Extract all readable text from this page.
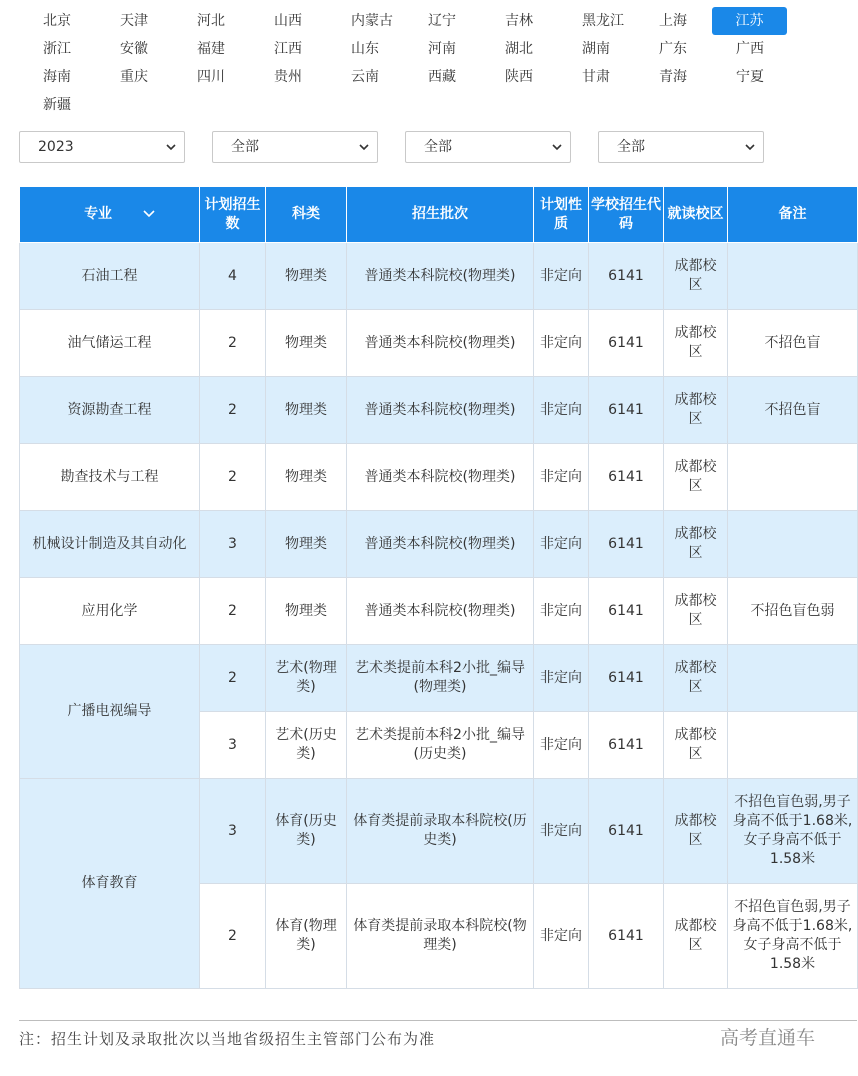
北京	天津	河北	山西	内蒙古	辽宁	吉林	黑龙江	上海	江苏
浙江	安徽	福建	江西	山东	河南	湖北	湖南	广东	广西
海南	重庆	四川	贵州	云南	西藏	陕西	甘肃	青海	宁夏
新疆
2023	全部	全部	全部
专业	计划招生数	科类	招生批次	计划性质	学校招生代码	就读校区	备注
石油工程	4	物理类	普通类本科院校(物理类)	非定向	6141	成都校区	
油气储运工程	2	物理类	普通类本科院校(物理类)	非定向	6141	成都校区	不招色盲
资源勘查工程	2	物理类	普通类本科院校(物理类)	非定向	6141	成都校区	不招色盲
勘查技术与工程	2	物理类	普通类本科院校(物理类)	非定向	6141	成都校区	
机械设计制造及其自动化	3	物理类	普通类本科院校(物理类)	非定向	6141	成都校区	
应用化学	2	物理类	普通类本科院校(物理类)	非定向	6141	成都校区	不招色盲色弱
广播电视编导	2	艺术(物理类)	艺术类提前本科2小批_编导(物理类)	非定向	6141	成都校区	
	3	艺术(历史类)	艺术类提前本科2小批_编导(历史类)	非定向	6141	成都校区	
体育教育	3	体育(历史类)	体育类提前录取本科院校(历史类)	非定向	6141	成都校区	不招色盲色弱,男子身高不低于1.68米,女子身高不低于1.58米
	2	体育(物理类)	体育类提前录取本科院校(物理类)	非定向	6141	成都校区	不招色盲色弱,男子身高不低于1.68米,女子身高不低于1.58米
注：招生计划及录取批次以当地省级招生主管部门公布为准	高考直通车
